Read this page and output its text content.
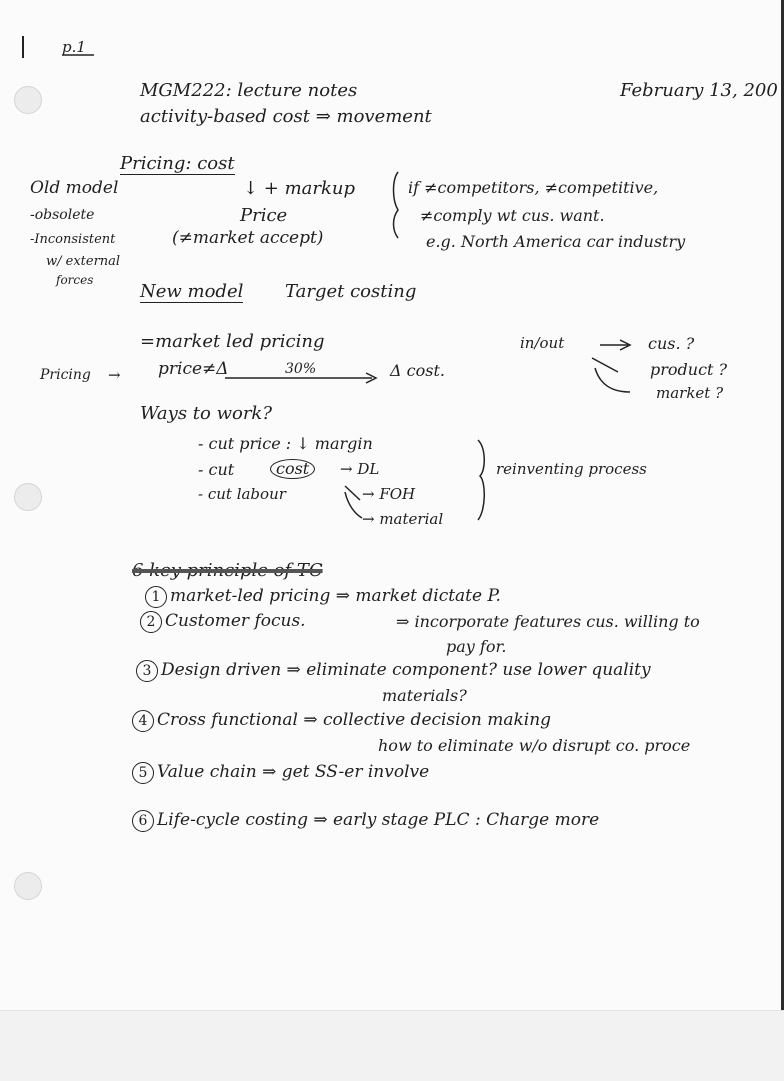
p.1
MGM222: lecture notes	February 13, 200
activity-based cost ⇒ movement
Pricing: cost
↓ + markup
Price
(≠market accept)
if ≠competitors, ≠competitive,
≠comply wt cus. want.
e.g. North America car industry
Old model
-obsolete
-Inconsistent
w/ external
forces
New model Target costing
=market led pricing
Pricing → price≠Δ	30%	Δ cost.
in/out	cus. ?
product ?
market ?
Ways to work?
- cut price : ↓ margin
- cut	cost	→ DL
- cut labour	→ FOH
→ material
reinventing process
6 key principle of TC
1 market-led pricing ⇒ market dictate P.
2 Customer focus.	⇒ incorporate features cus. willing to
pay for.
3 Design driven ⇒ eliminate component? use lower quality
materials?
4 Cross functional ⇒ collective decision making
how to eliminate w/o disrupt co. proce
5 Value chain ⇒ get SS-er involve
6 Life-cycle costing ⇒ early stage PLC : Charge more
